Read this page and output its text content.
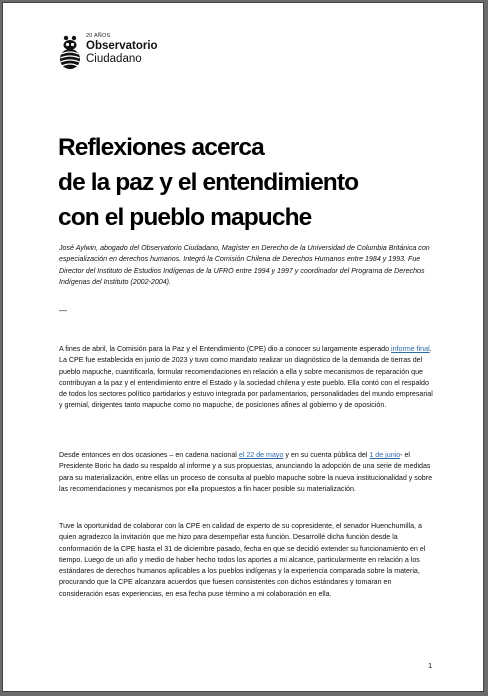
20 AÑOS
Observatorio
Ciudadano
Reflexiones acerca
de la paz y el entendimiento
con el pueblo mapuche

José Aylwin, abogado del Observatorio Ciudadano, Magíster en Derecho de la Universidad de Columbia Británica con especialización en derechos humanos. Integró la Comisión Chilena de Derechos Humanos entre 1984 y 1993. Fue Director del Instituto de Estudios Indígenas de la UFRO entre 1994 y 1997 y coordinador del Programa de Derechos Indígenas del Instituto (2002-2004).

—

A fines de abril, la Comisión para la Paz y el Entendimiento (CPE) dio a conocer su largamente esperado informe final. La CPE fue establecida en junio de 2023 y tuvo como mandato realizar un diagnóstico de la demanda de tierras del pueblo mapuche, cuantificarla, formular recomendaciones en relación a ella y sobre mecanismos de reparación que contribuyan a la paz y el entendimiento entre el Estado y la sociedad chilena y este pueblo. Ella contó con el respaldo de todos los sectores político partidarios y estuvo integrada por parlamentarios, personalidades del mundo empresarial y gremial, dirigentes tanto mapuche como no mapuche, de posiciones afines al gobierno y de oposición.

Desde entonces en dos ocasiones – en cadena nacional el 22 de mayo y en su cuenta pública del 1 de junio- el Presidente Boric ha dado su respaldo al informe y a sus propuestas, anunciando la adopción de una serie de medidas para su materialización, entre ellas un proceso de consulta al pueblo mapuche sobre la nueva institucionalidad y sobre las recomendaciones y mecanismos por ella propuestos a fin hacer posible su materialización.

Tuve la oportunidad de colaborar con la CPE en calidad de experto de su copresidente, el senador Huenchumilla, a quien agradezco la invitación que me hizo para desempeñar esta función. Desarrollé dicha función desde la conformación de la CPE hasta el 31 de diciembre pasado, fecha en que se decidió extender su funcionamiento en el tiempo. Luego de un año y medio de haber hecho todos los aportes a mi alcance, particularmente en relación a los estándares de derechos humanos aplicables a los pueblos indígenas y la experiencia comparada sobre la materia, procurando que la CPE alcanzara acuerdos que fuesen consistentes con dichos estándares y tomaran en consideración esas experiencias, en esa fecha puse término a mi colaboración en ella.

1
